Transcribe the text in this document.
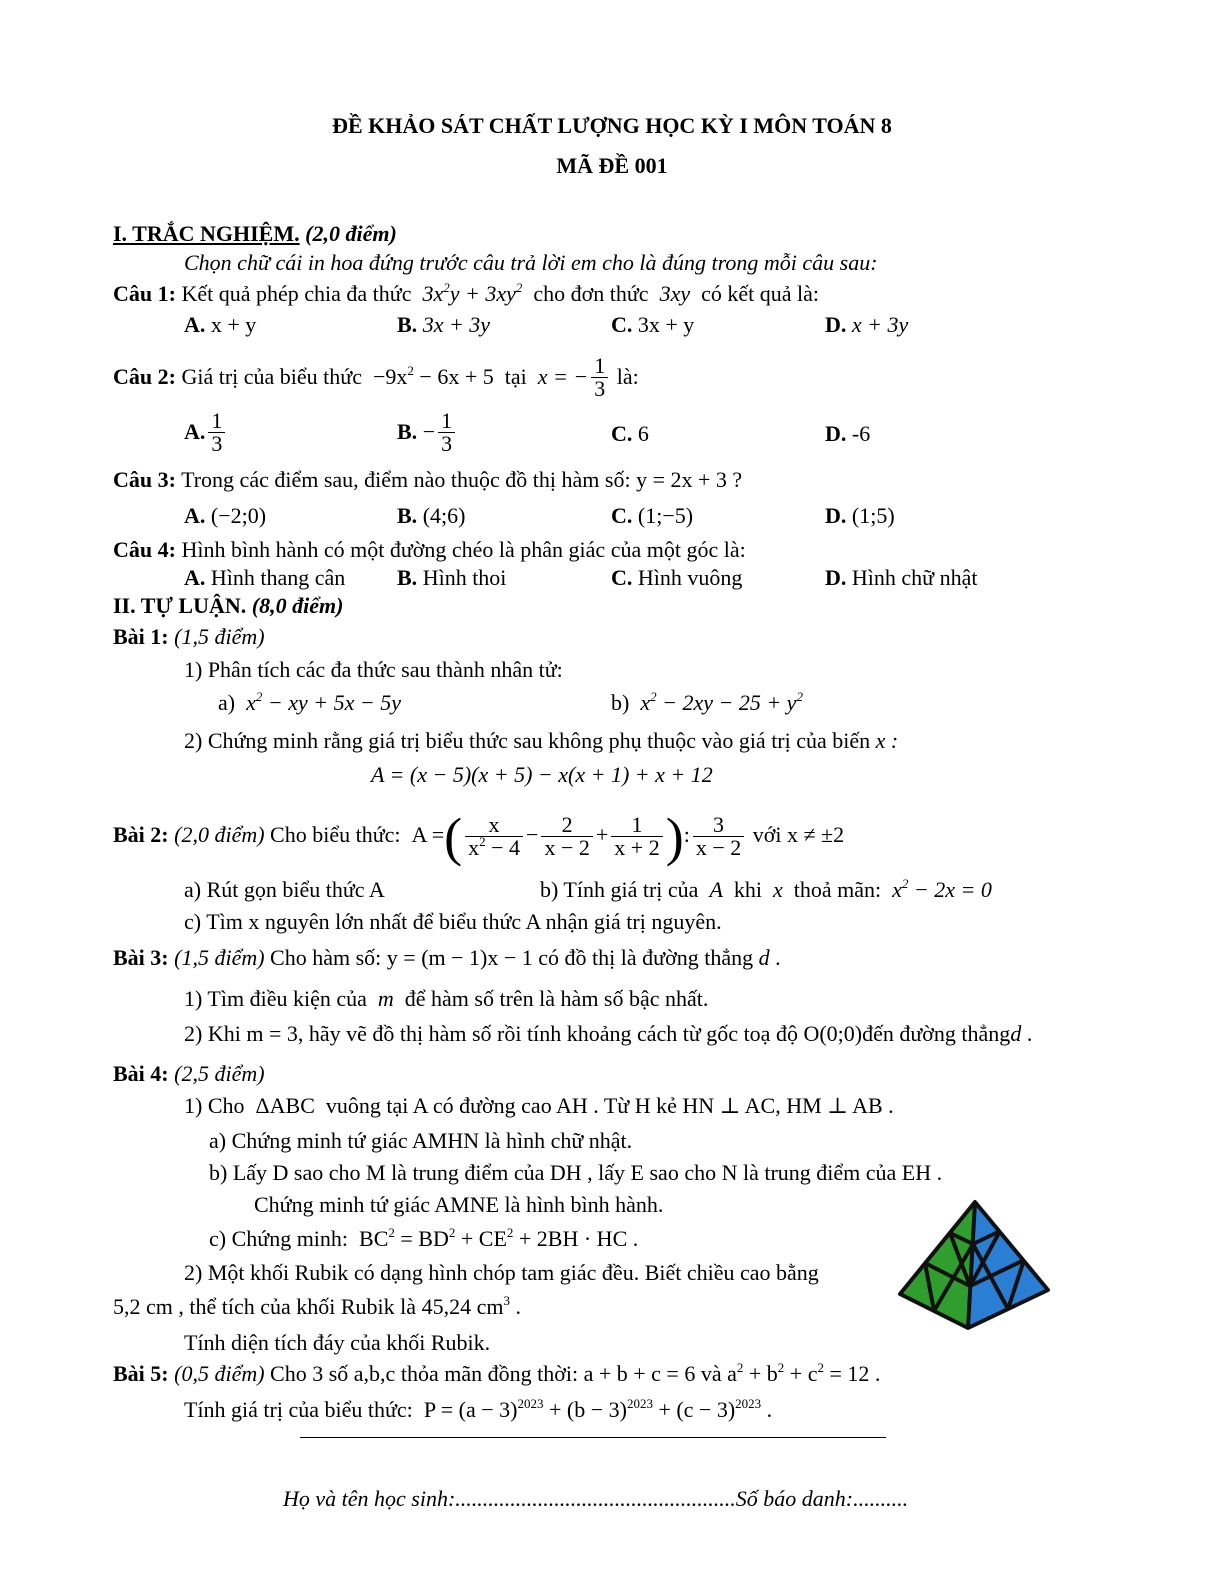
ĐỀ KHẢO SÁT CHẤT LƯỢNG HỌC KỲ I MÔN TOÁN 8
MÃ ĐỀ 001
I. TRẮC NGHIỆM. (2,0 điểm)
Chọn chữ cái in hoa đứng trước câu trả lời em cho là đúng trong mỗi câu sau:
Câu 1: Kết quả phép chia đa thức  $3x^2y + 3xy^2$ cho đơn thức  3xy  có kết quả là:
A. x + y	B. 3x + 3y	C. 3x + y	D. x + 3y
Câu 2: Giá trị của biểu thức  $-9x^2 - 6x + 5$  tại  x = − $\frac{1}{3}$ là:
A. $\frac{1}{3}$	B. − $\frac{1}{3}$	C. 6	D. -6
Câu 3: Trong các điểm sau, điểm nào thuộc đồ thị hàm số: y = 2x + 3 ?
A. (−2;0)	B. (4;6)	C. (1;−5)	D. (1;5)
Câu 4: Hình bình hành có một đường chéo là phân giác của một góc là:
A. Hình thang cân B. Hình thoi	C. Hình vuông	D. Hình chữ nhật
II. TỰ LUẬN. (8,0 điểm)
Bài 1: (1,5 điểm)
1) Phân tích các đa thức sau thành nhân tử:
a)  $x^2$ − xy + 5x − 5y	b)  $x^2 - 2xy - 25 + y^2$
2) Chứng minh rằng giá trị biểu thức sau không phụ thuộc vào giá trị của biến x :
A = (x − 5)(x + 5) − x(x + 1) + x + 12
Bài 2: (2,0 điểm) Cho biểu thức:  A =( $\frac{x}{x^2 - 4} - \frac{2}{x - 2} + \frac{1}{x + 2}$ ): $\frac{3}{x - 2}$ với x ≠ ±2
a) Rút gọn biểu thức A	b) Tính giá trị của  A  khi  x  thoả mãn:  $x^2 - 2x = 0$
c) Tìm x nguyên lớn nhất để biểu thức A nhận giá trị nguyên.
Bài 3: (1,5 điểm) Cho hàm số: y = (m − 1)x − 1 có đồ thị là đường thẳng d .
1) Tìm điều kiện của  m  để hàm số trên là hàm số bậc nhất.
2) Khi m = 3, hãy vẽ đồ thị hàm số rồi tính khoảng cách từ gốc toạ độ O(0;0)đến đường thẳngd .
Bài 4: (2,5 điểm)
1) Cho  ΔABC  vuông tại A có đường cao AH . Từ H kẻ HN ⊥ AC, HM ⊥ AB .
a) Chứng minh tứ giác AMHN là hình chữ nhật.
b) Lấy D sao cho M là trung điểm của DH , lấy E sao cho N là trung điểm của EH .
Chứng minh tứ giác AMNE là hình bình hành.
c) Chứng minh:  $BC^2 = BD^2 + CE^2 + 2BH$ · HC .
2) Một khối Rubik có dạng hình chóp tam giác đều. Biết chiều cao bằng
5,2 cm , thể tích của khối Rubik là 45,24 $cm^3$ .
Tính diện tích đáy của khối Rubik.
Bài 5: (0,5 điểm) Cho 3 số a,b,c thỏa mãn đồng thời: a + b + c = 6 và $a^2 + b^2 + c^2 = 12$ .
Tính giá trị của biểu thức:  $P = (a - 3)^{2023} + (b - 3)^{2023} + (c - 3)^{2023}$ .
Họ và tên học sinh:...................................................Số báo danh:..........
